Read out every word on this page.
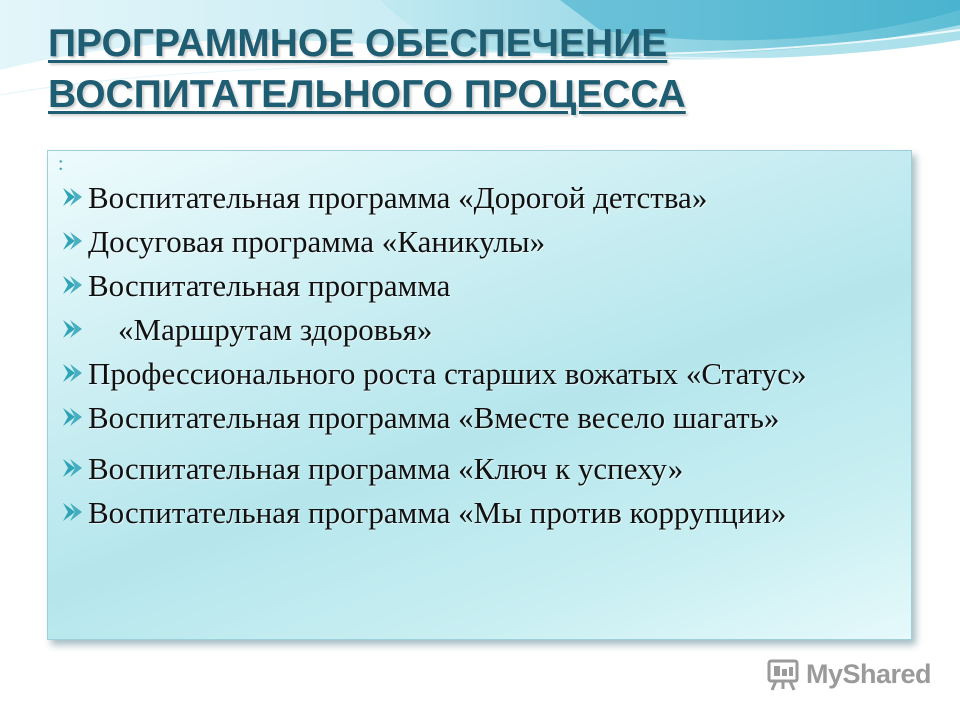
ПРОГРАММНОЕ ОБЕСПЕЧЕНИЕ
ВОСПИТАТЕЛЬНОГО ПРОЦЕССА
:
Воспитательная программа «Дорогой детства»
Досуговая программа «Каникулы»
Воспитательная программа
«Маршрутам здоровья»
Профессионального роста старших вожатых «Статус»
Воспитательная программа «Вместе весело шагать»
Воспитательная программа «Ключ к успеху»
Воспитательная программа «Мы против коррупции»
MyShared
